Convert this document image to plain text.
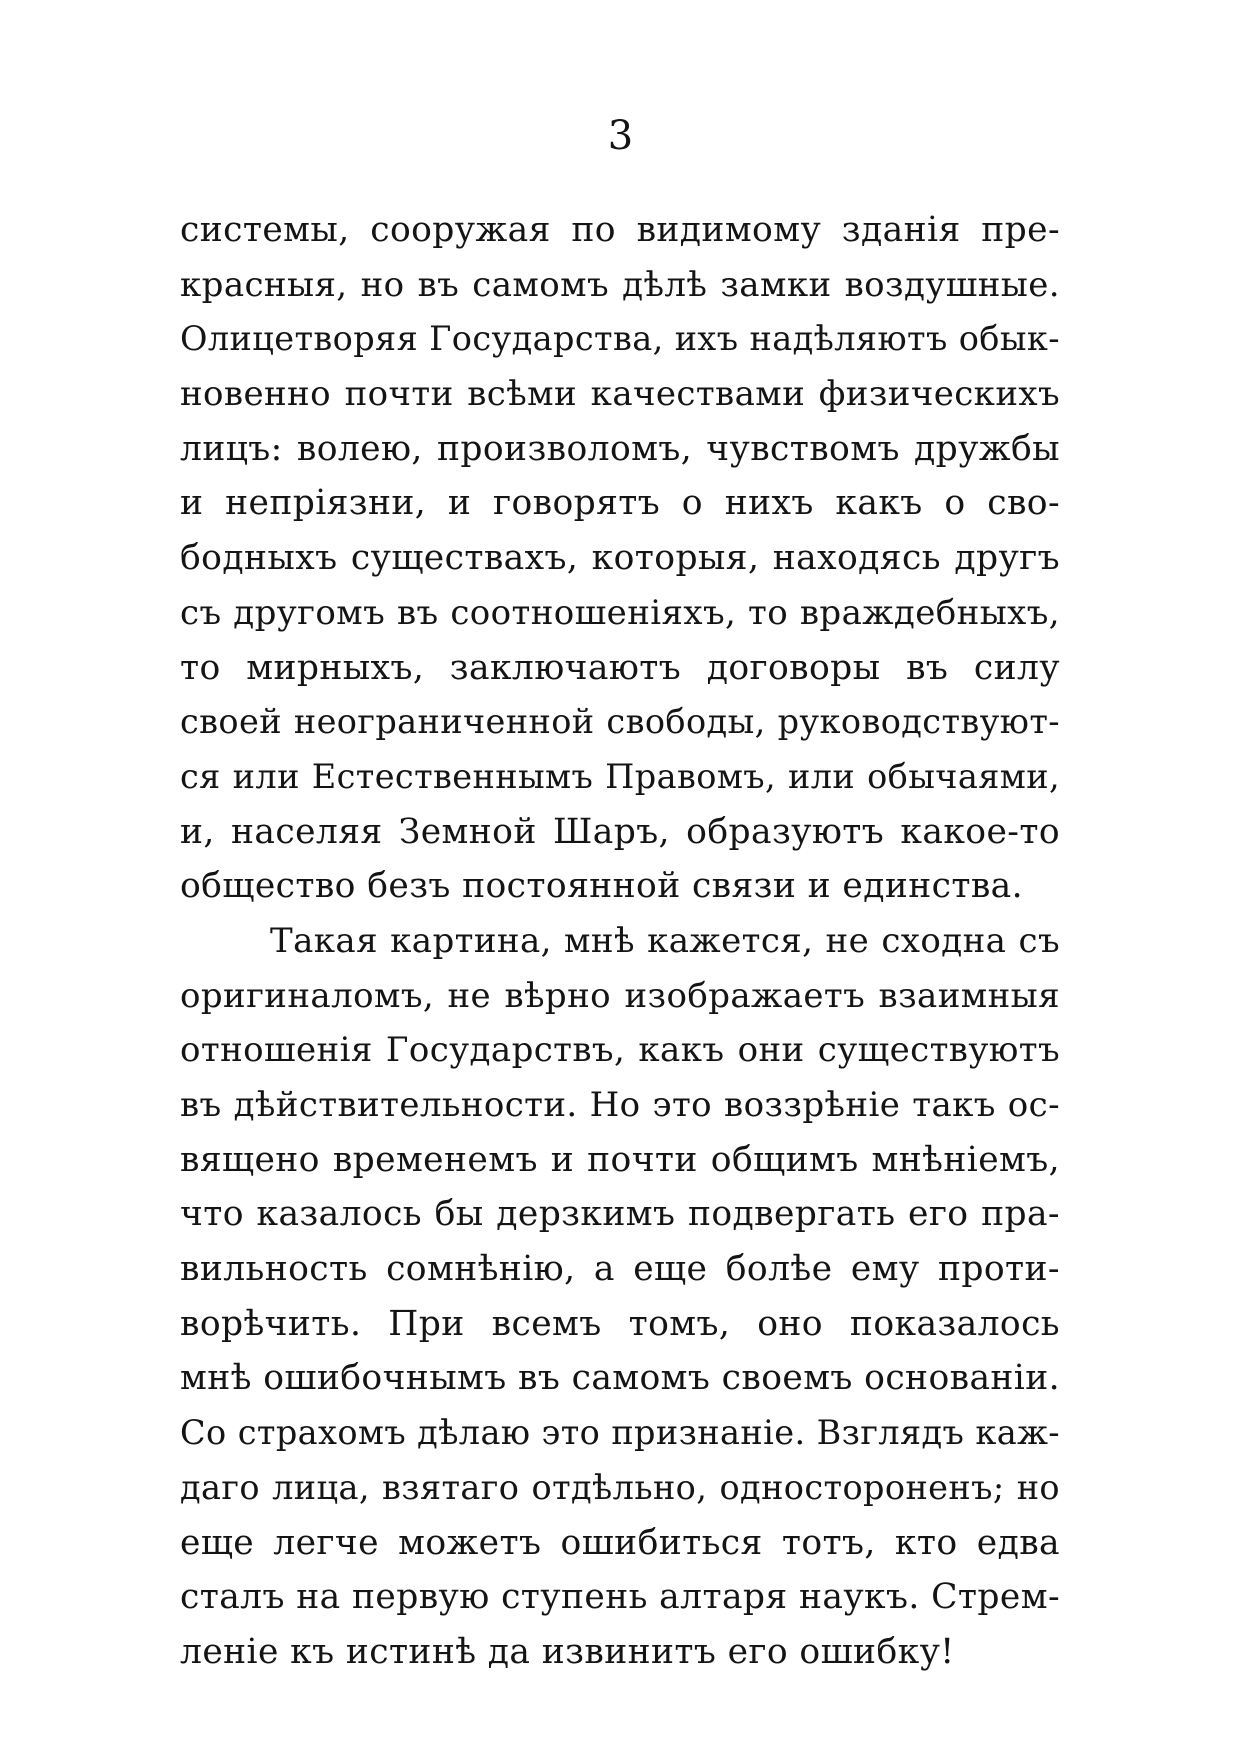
3
системы, сооружая по видимому зданія пре-
красныя, но въ самомъ дѣлѣ замки воздушные.
Олицетворяя Государства, ихъ надѣляютъ обык-
новенно почти всѣми качествами физическихъ
лицъ: волею, произволомъ, чувствомъ дружбы
и непріязни, и говорятъ о нихъ какъ о сво-
бодныхъ существахъ, которыя, находясь другъ
съ другомъ въ соотношеніяхъ, то враждебныхъ,
то мирныхъ, заключаютъ договоры въ силу
своей неограниченной свободы, руководствуют-
ся или Естественнымъ Правомъ, или обычаями,
и, населяя Земной Шаръ, образуютъ какое-то
общество безъ постоянной связи и единства.
Такая картина, мнѣ кажется, не сходна съ
оригиналомъ, не вѣрно изображаетъ взаимныя
отношенія Государствъ, какъ они существуютъ
въ дѣйствительности. Но это воззрѣніе такъ ос-
вящено временемъ и почти общимъ мнѣніемъ,
что казалось бы дерзкимъ подвергать его пра-
вильность сомнѣнію, а еще болѣе ему проти-
ворѣчить. При всемъ томъ, оно показалось
мнѣ ошибочнымъ въ самомъ своемъ основаніи.
Со страхомъ дѣлаю это признаніе. Взглядъ каж-
даго лица, взятаго отдѣльно, одностороненъ; но
еще легче можетъ ошибиться тотъ, кто едва
сталъ на первую ступень алтаря наукъ. Стрем-
леніе къ истинѣ да извинитъ его ошибку!
